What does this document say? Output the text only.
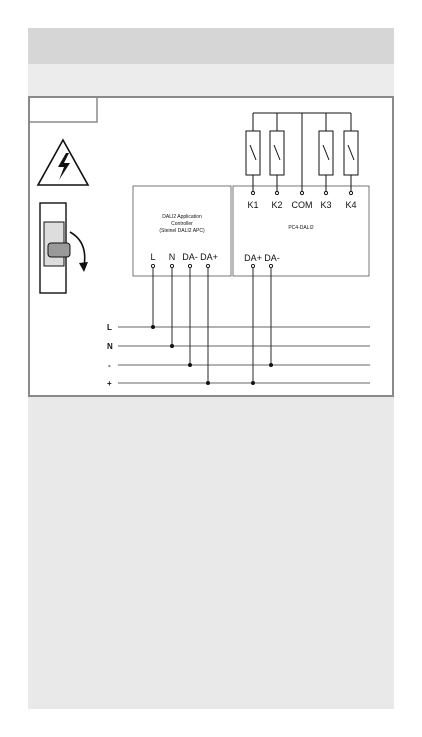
DALI2 Application
Controller
(Steinel DALI2 APC)	PC4-DALI2
K1 K2 COM K3 K4
L N DA- DA+	DA+ DA-
L
N
-
+
